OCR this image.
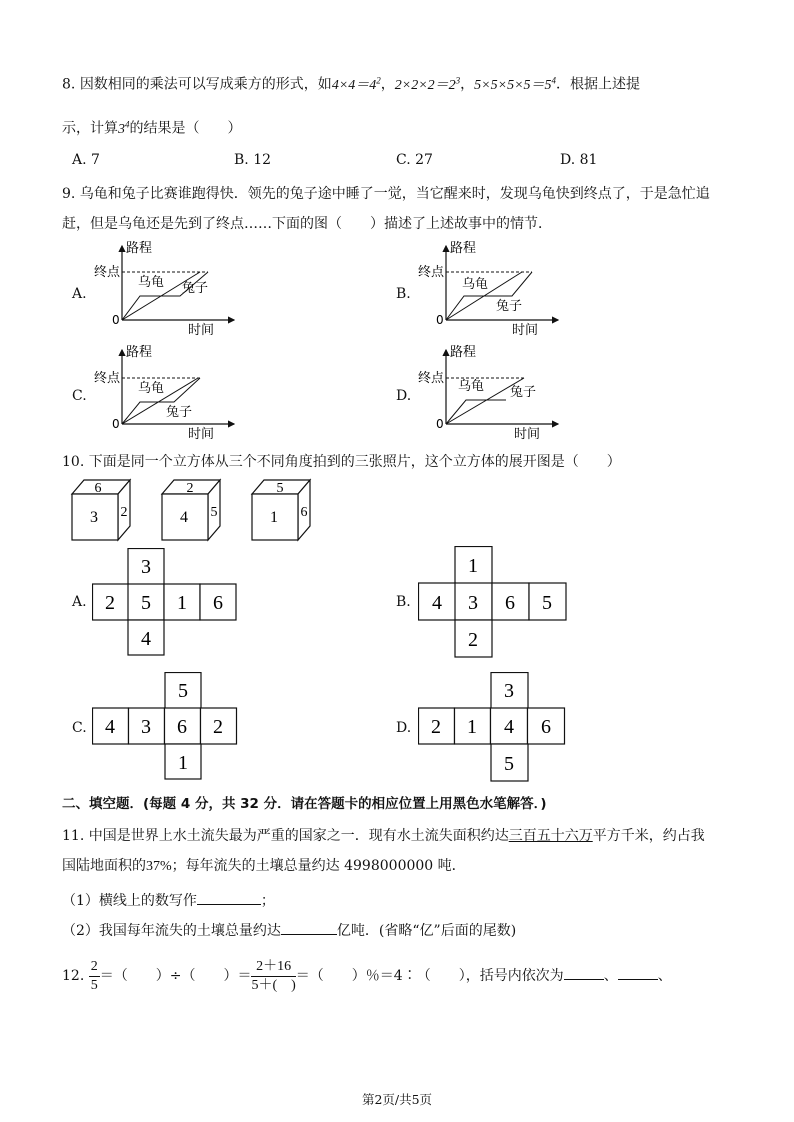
8. 因数相同的乘法可以写成乘方的形式，如$4\times 4=4^2$，$2\times 2\times 2=2^3$，$5\times 5\times 5\times 5=5^4$．根据上述提
示，计算$3^4$的结果是（　　）
A. 7	B. 12	C. 27	D. 81
9. 乌龟和兔子比赛谁跑得快．领先的兔子途中睡了一觉，当它醒来时，发现乌龟快到终点了，于是急忙追
赶，但是乌龟还是先到了终点……下面的图（　　）描述了上述故事中的情节．
A.	B.
C.	D.
路程
终点
0
时间
乌龟 兔子
路程
终点
0
时间
乌龟
兔子
路程
终点
0
时间
乌龟
兔子
路程
终点
0
时间
乌龟 兔子
10. 下面是同一个立方体从三个不同角度拍到的三张照片，这个立方体的展开图是（　　）
6
3 2
2
4 5
5
1 6
A.	B.
C.	D.
3
2 5 1 6
4
1
4 3 6 5
2
5
4 3 6 2
1
3
2 1 4 6
5
二、填空题．(每题 4 分，共 32 分．请在答题卡的相应位置上用黑色水笔解答．)
11. 中国是世界上水土流失最为严重的国家之一．现有水土流失面积约达三百五十六万平方千米，约占我
国陆地面积的37%；每年流失的土壤总量约达 4998000000 吨．
（1）横线上的数写作	；
（2）我国每年流失的土壤总量约达	亿吨．(省略“亿”后面的尾数)
12. $\frac{2}{5}$ ＝（　　）÷（　　）＝ $\frac{2+16}{5+( )}$ ＝（　　）％＝4∶（　　），括号内依次为	、	、
第2页/共5页
